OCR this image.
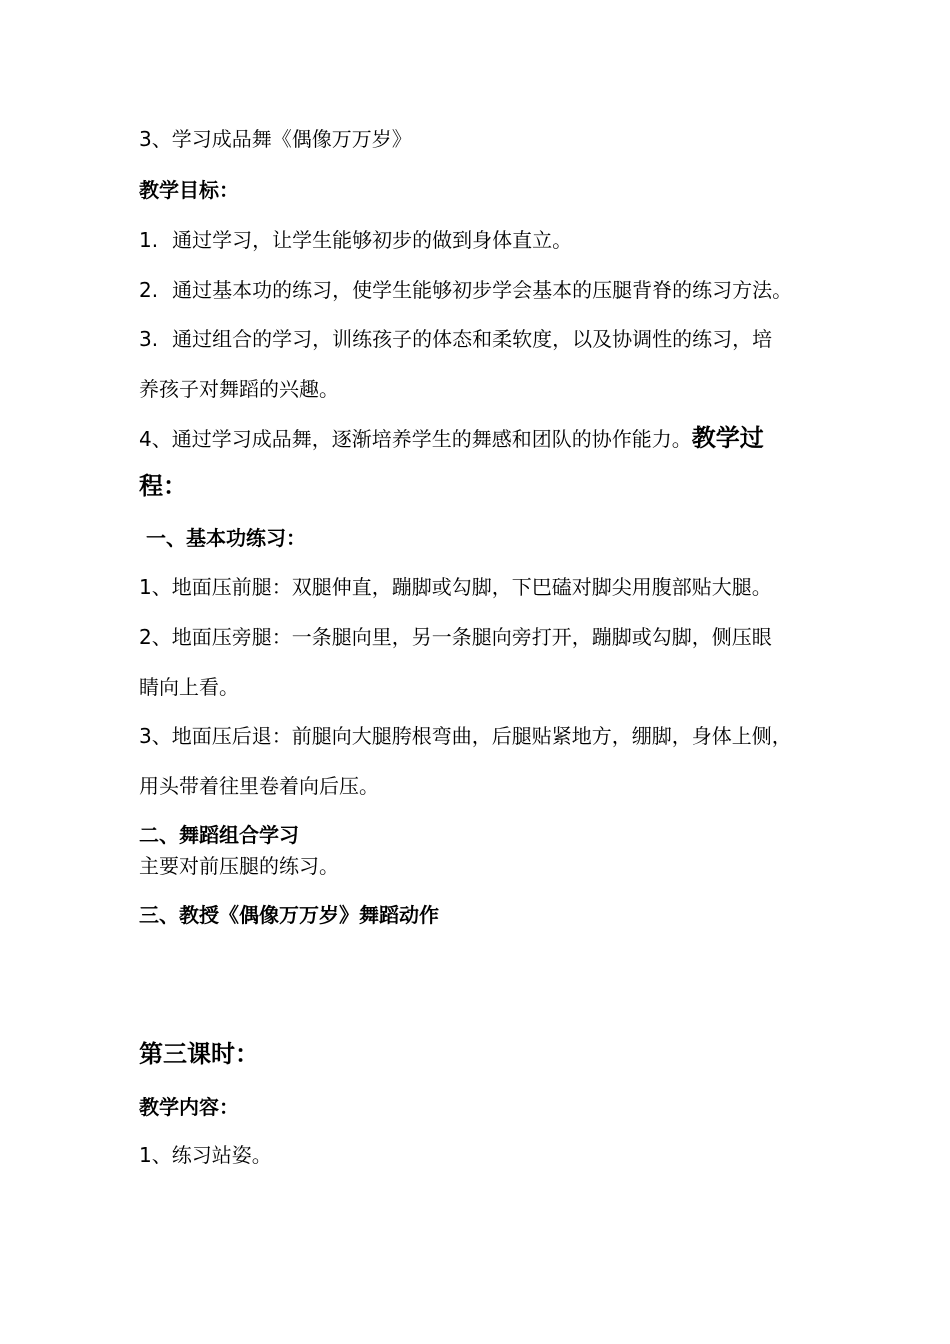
3、学习成品舞《偶像万万岁》

教学目标：

1. 通过学习，让学生能够初步的做到身体直立。

2. 通过基本功的练习，使学生能够初步学会基本的压腿背脊的练习方法。

3. 通过组合的学习，训练孩子的体态和柔软度，以及协调性的练习，培

养孩子对舞蹈的兴趣。

4、通过学习成品舞，逐渐培养学生的舞感和团队的协作能力。教学过

程：

一、基本功练习：

1、地面压前腿：双腿伸直，蹦脚或勾脚，下巴磕对脚尖用腹部贴大腿。

2、地面压旁腿：一条腿向里，另一条腿向旁打开，蹦脚或勾脚，侧压眼

睛向上看。

3、地面压后退：前腿向大腿胯根弯曲，后腿贴紧地方，绷脚，身体上侧，

用头带着往里卷着向后压。

二、舞蹈组合学习

主要对前压腿的练习。

三、教授《偶像万万岁》舞蹈动作

第三课时：

教学内容：

1、练习站姿。
